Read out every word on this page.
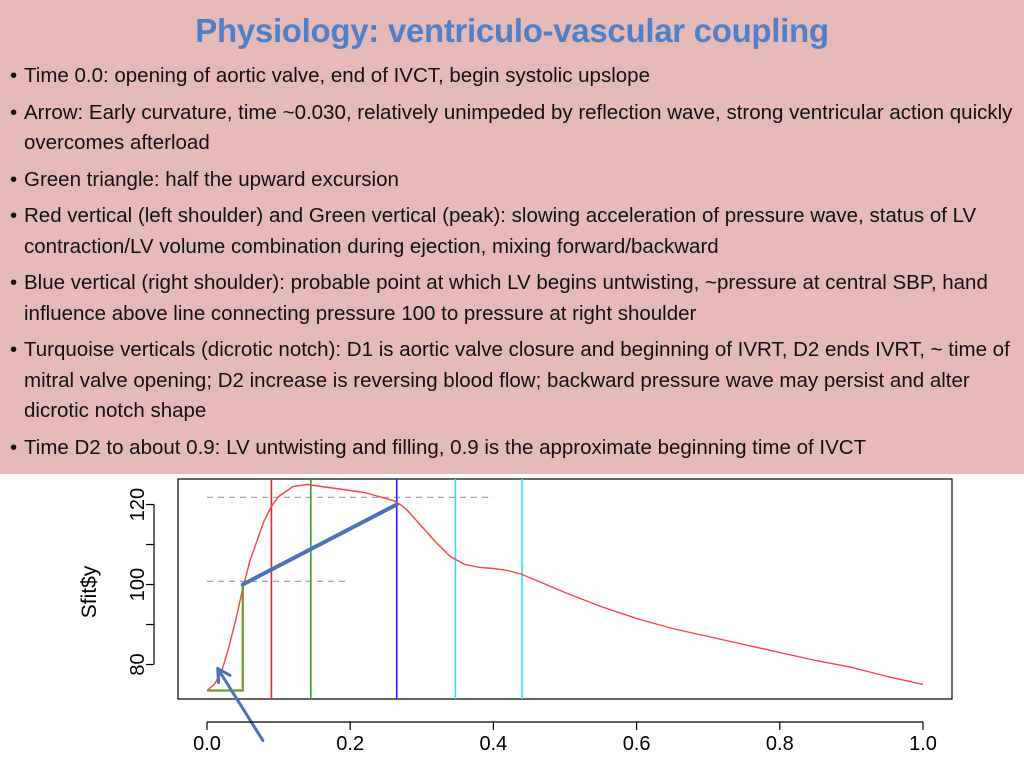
Physiology: ventriculo-vascular coupling
• Time 0.0: opening of aortic valve, end of IVCT, begin systolic upslope
• Arrow: Early curvature, time ~0.030, relatively unimpeded by reflection wave, strong ventricular action quickly overcomes afterload
• Green triangle: half the upward excursion
• Red vertical (left shoulder) and Green vertical (peak): slowing acceleration of pressure wave, status of LV contraction/LV volume combination during ejection, mixing forward/backward
• Blue vertical (right shoulder): probable point at which LV begins untwisting, ~pressure at central SBP, hand influence above line connecting pressure 100 to pressure at right shoulder
• Turquoise verticals (dicrotic notch): D1 is aortic valve closure and beginning of IVRT, D2 ends IVRT, ~ time of mitral valve opening; D2 increase is reversing blood flow; backward pressure wave may persist and alter dicrotic notch shape
• Time D2 to about 0.9: LV untwisting and filling, 0.9 is the approximate beginning time of IVCT
0.0	0.2	0.4	0.6	0.8	1.0
80
100
120
Sfit$y
